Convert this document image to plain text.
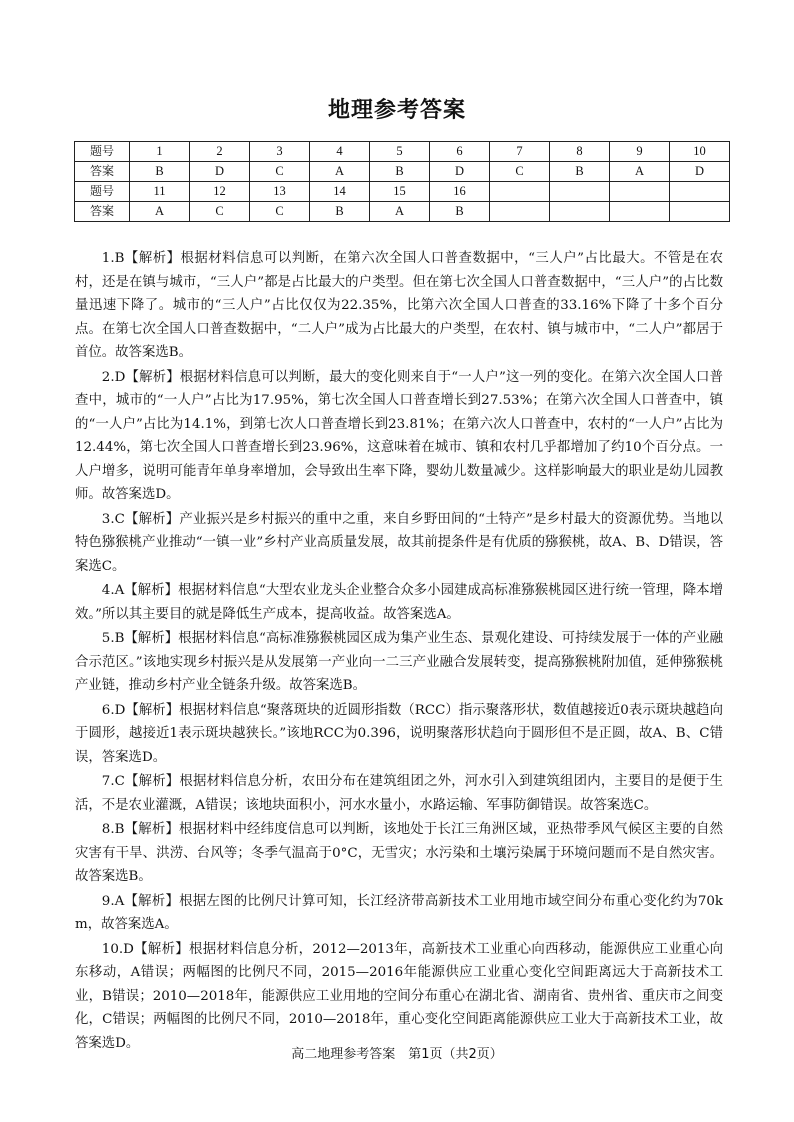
地理参考答案
题号	1	2	3	4	5	6	7	8	9	10
答案	B	D	C	A	B	D	C	B	A	D
题号	11	12	13	14	15	16				
答案	A	C	C	B	A	B				

1.B【解析】根据材料信息可以判断，在第六次全国人口普查数据中，“三人户”占比最大。不管是在农村，还是在镇与城市，“三人户”都是占比最大的户类型。但在第七次全国人口普查数据中，“三人户”的占比数量迅速下降了。城市的“三人户”占比仅仅为22.35%，比第六次全国人口普查的33.16%下降了十多个百分点。在第七次全国人口普查数据中，“二人户”成为占比最大的户类型，在农村、镇与城市中，“二人户”都居于首位。故答案选B。

2.D【解析】根据材料信息可以判断，最大的变化则来自于“一人户”这一列的变化。在第六次全国人口普查中，城市的“一人户”占比为17.95%，第七次全国人口普查增长到27.53%；在第六次全国人口普查中，镇的“一人户”占比为14.1%，到第七次人口普查增长到23.81%；在第六次人口普查中，农村的“一人户”占比为12.44%，第七次全国人口普查增长到23.96%，这意味着在城市、镇和农村几乎都增加了约10个百分点。一人户增多，说明可能青年单身率增加，会导致出生率下降，婴幼儿数量减少。这样影响最大的职业是幼儿园教师。故答案选D。

3.C【解析】产业振兴是乡村振兴的重中之重，来自乡野田间的“土特产”是乡村最大的资源优势。当地以特色猕猴桃产业推动“一镇一业”乡村产业高质量发展，故其前提条件是有优质的猕猴桃，故A、B、D错误，答案选C。

4.A【解析】根据材料信息“大型农业龙头企业整合众多小园建成高标准猕猴桃园区进行统一管理，降本增效。”所以其主要目的就是降低生产成本，提高收益。故答案选A。

5.B【解析】根据材料信息“高标准猕猴桃园区成为集产业生态、景观化建设、可持续发展于一体的产业融合示范区。”该地实现乡村振兴是从发展第一产业向一二三产业融合发展转变，提高猕猴桃附加值，延伸猕猴桃产业链，推动乡村产业全链条升级。故答案选B。

6.D【解析】根据材料信息“聚落斑块的近圆形指数（RCC）指示聚落形状，数值越接近0表示斑块越趋向于圆形，越接近1表示斑块越狭长。”该地RCC为0.396，说明聚落形状趋向于圆形但不是正圆，故A、B、C错误，答案选D。

7.C【解析】根据材料信息分析，农田分布在建筑组团之外，河水引入到建筑组团内，主要目的是便于生活，不是农业灌溉，A错误；该地块面积小，河水水量小，水路运输、军事防御错误。故答案选C。

8.B【解析】根据材料中经纬度信息可以判断，该地处于长江三角洲区域，亚热带季风气候区主要的自然灾害有干旱、洪涝、台风等；冬季气温高于0°C，无雪灾；水污染和土壤污染属于环境问题而不是自然灾害。故答案选B。

9.A【解析】根据左图的比例尺计算可知，长江经济带高新技术工业用地市域空间分布重心变化约为70km，故答案选A。

10.D【解析】根据材料信息分析，2012—2013年，高新技术工业重心向西移动，能源供应工业重心向东移动，A错误；两幅图的比例尺不同，2015—2016年能源供应工业重心变化空间距离远大于高新技术工业，B错误；2010—2018年，能源供应工业用地的空间分布重心在湖北省、湖南省、贵州省、重庆市之间变化，C错误；两幅图的比例尺不同，2010—2018年，重心变化空间距离能源供应工业大于高新技术工业，故答案选D。

高二地理参考答案　第1页（共2页）
